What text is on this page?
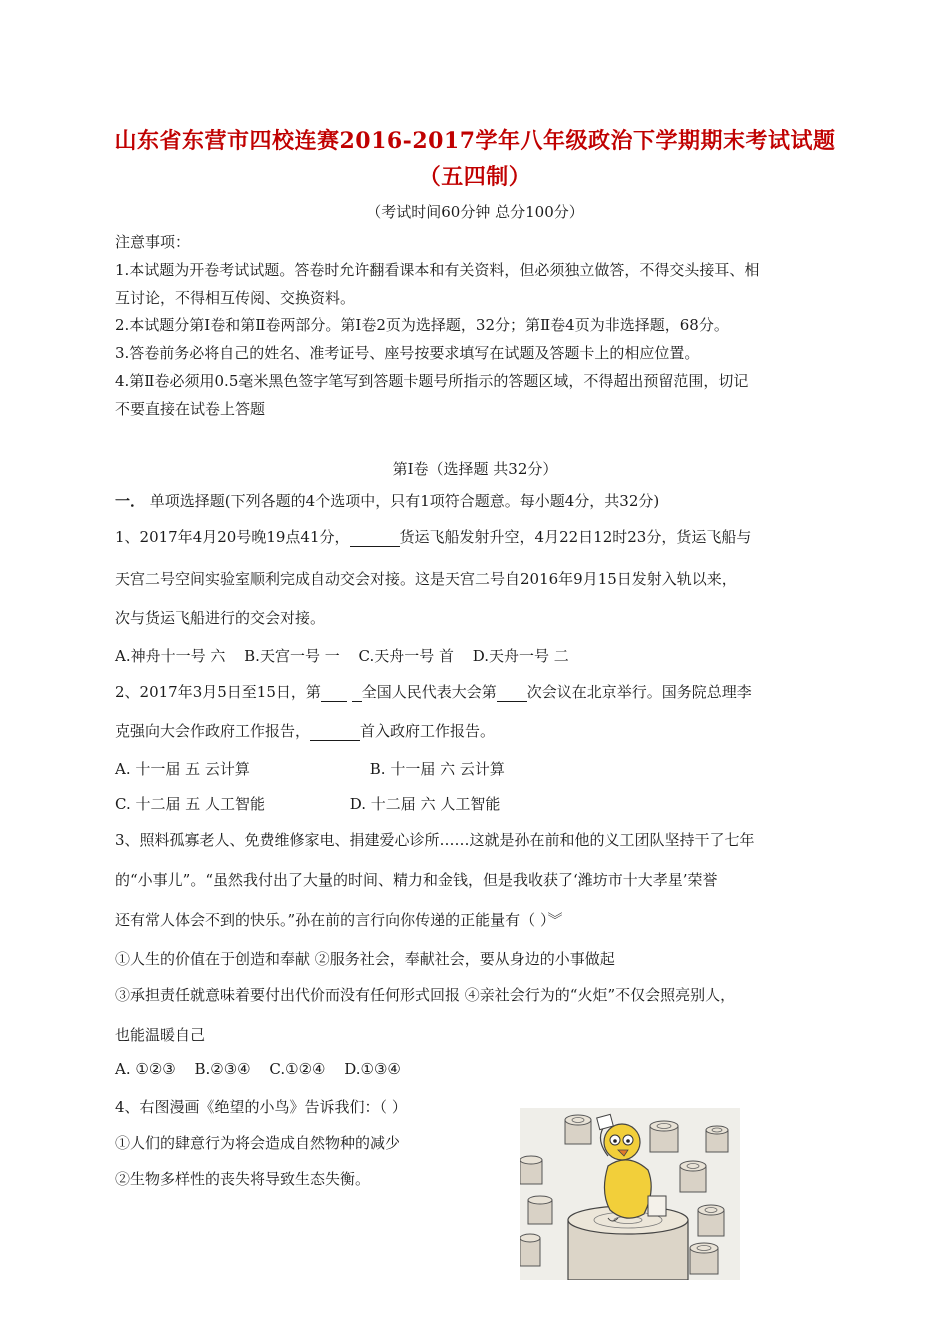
山东省东营市四校连赛2016-2017学年八年级政治下学期期末考试试题
（五四制）
（考试时间60分钟 总分100分）
注意事项：
1.本试题为开卷考试试题。答卷时允许翻看课本和有关资料，但必须独立做答，不得交头接耳、相
互讨论，不得相互传阅、交换资料。
2.本试题分第Ⅰ卷和第Ⅱ卷两部分。第Ⅰ卷2页为选择题，32分；第Ⅱ卷4页为非选择题，68分。
3.答卷前务必将自己的姓名、准考证号、座号按要求填写在试题及答题卡上的相应位置。
4.第Ⅱ卷必须用0.5毫米黑色签字笔写到答题卡题号所指示的答题区域，不得超出预留范围，切记
不要直接在试卷上答题
第Ⅰ卷（选择题 共32分）
一． 单项选择题(下列各题的4个选项中，只有1项符合题意。每小题4分，共32分)
1、2017年4月20号晚19点41分，	货运飞船发射升空，4月22日12时23分，货运飞船与
天宫二号空间实验室顺利完成自动交会对接。这是天宫二号自2016年9月15日发射入轨以来，
次与货运飞船进行的交会对接。
A.神舟十一号 六 B.天宫一号 一 C.天舟一号 首 D.天舟一号 二
2、2017年3月5日至15日，第	全国人民代表大会第 次会议在北京举行。国务院总理李
克强向大会作政府工作报告，	首入政府工作报告。
A. 十一届 五 云计算	B. 十一届 六 云计算
C. 十二届 五 人工智能	D. 十二届 六 人工智能
3、照料孤寡老人、免费维修家电、捐建爱心诊所……这就是孙在前和他的义工团队坚持干了七年
的“小事儿”。“虽然我付出了大量的时间、精力和金钱，但是我收获了‘潍坊市十大孝星’荣誉
还有常人体会不到的快乐。”孙在前的言行向你传递的正能量有（ ）︾
①人生的价值在于创造和奉献 ②服务社会，奉献社会，要从身边的小事做起
③承担责任就意味着要付出代价而没有任何形式回报 ④亲社会行为的“火炬”不仅会照亮别人，
也能温暖自己
A. ①②③ B.②③④ C.①②④ D.①③④
4、右图漫画《绝望的小鸟》告诉我们：（ ）
①人们的肆意行为将会造成自然物种的减少
②生物多样性的丧失将导致生态失衡。
